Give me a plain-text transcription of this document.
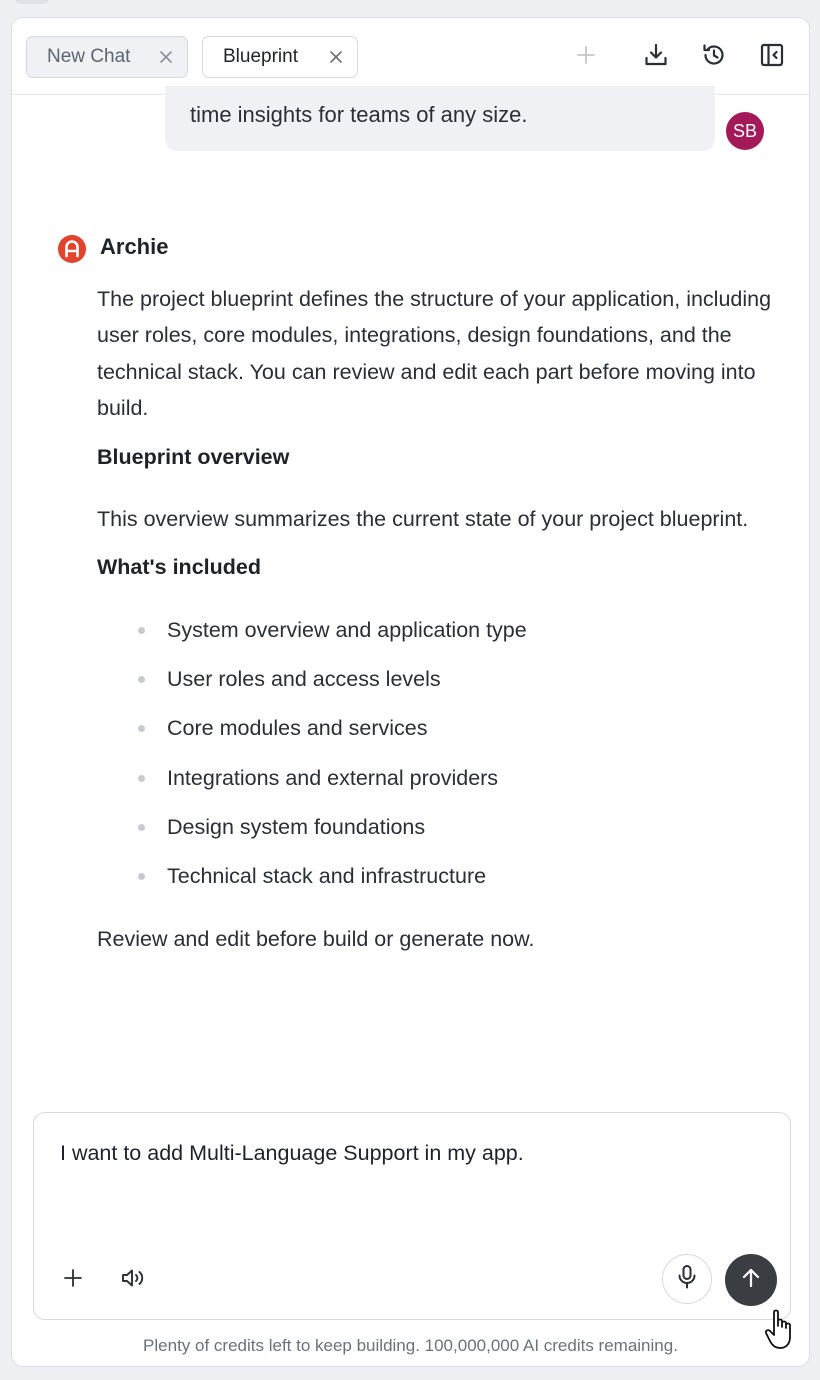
New Chat	Blueprint
time insights for teams of any size.
SB
Archie

The project blueprint defines the structure of your application, including user roles, core modules, integrations, design foundations, and the technical stack. You can review and edit each part before moving into build.

Blueprint overview

This overview summarizes the current state of your project blueprint.

What's included

System overview and application type
User roles and access levels
Core modules and services
Integrations and external providers
Design system foundations
Technical stack and infrastructure

Review and edit before build or generate now.

I want to add Multi-Language Support in my app.
Plenty of credits left to keep building. 100,000,000 AI credits remaining.
